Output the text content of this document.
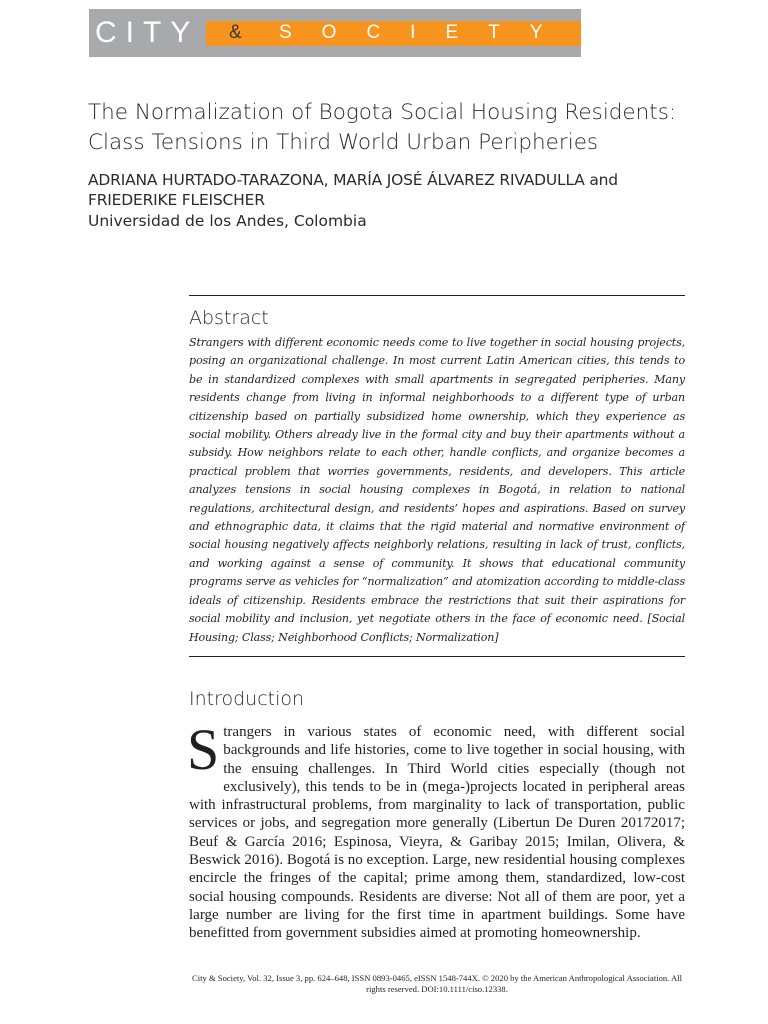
CITY & SOCIETY
The Normalization of Bogota Social Housing Residents: Class Tensions in Third World Urban Peripheries

ADRIANA HURTADO-TARAZONA, MARÍA JOSÉ ÁLVAREZ RIVADULLA and FRIEDERIKE FLEISCHER

Universidad de los Andes, Colombia

Abstract

Strangers with different economic needs come to live together in social housing projects, posing an organizational challenge. In most current Latin American cities, this tends to be in standardized complexes with small apartments in segregated peripheries. Many residents change from living in informal neighborhoods to a different type of urban citizenship based on partially subsidized home ownership, which they experience as social mobility. Others already live in the formal city and buy their apartments without a subsidy. How neighbors relate to each other, handle conflicts, and organize becomes a practical problem that worries governments, residents, and developers. This article analyzes tensions in social housing complexes in Bogotá, in relation to national regulations, architectural design, and residents’ hopes and aspirations. Based on survey and ethnographic data, it claims that the rigid material and normative environment of social housing negatively affects neighborly relations, resulting in lack of trust, conflicts, and working against a sense of community. It shows that educational community programs serve as vehicles for “normalization” and atomization according to middle-class ideals of citizenship. Residents embrace the restrictions that suit their aspirations for social mobility and inclusion, yet negotiate others in the face of economic need. [Social Housing; Class; Neighborhood Conflicts; Normalization]

Introduction

Strangers in various states of economic need, with different social backgrounds and life histories, come to live together in social housing, with the ensuing challenges. In Third World cities especially (though not exclusively), this tends to be in (mega-)projects located in peripheral areas with infrastructural problems, from marginality to lack of transportation, public services or jobs, and segregation more generally (Libertun De Duren 20172017; Beuf & García 2016; Espinosa, Vieyra, & Garibay 2015; Imilan, Olivera, & Beswick 2016). Bogotá is no exception. Large, new residential housing complexes encircle the fringes of the capital; prime among them, standardized, low-cost social housing compounds. Residents are diverse: Not all of them are poor, yet a large number are living for the first time in apartment buildings. Some have benefitted from government subsidies aimed at promoting homeownership.

City & Society, Vol. 32, Issue 3, pp. 624–648, ISSN 0893-0465, eISSN 1548-744X. © 2020 by the American Anthropological Association. All rights reserved. DOI:10.1111/ciso.12338.
